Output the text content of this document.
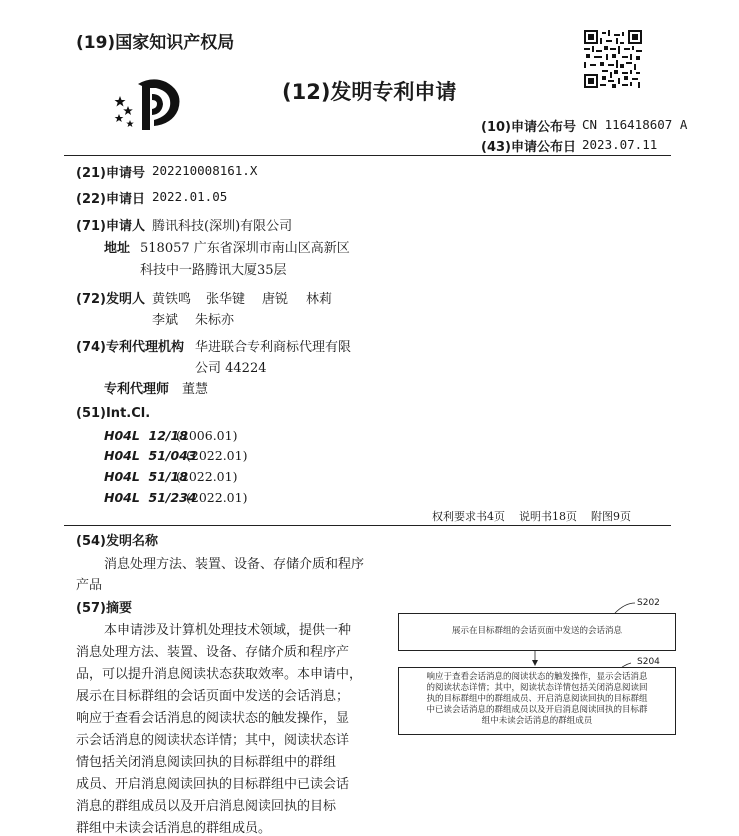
(19)国家知识产权局
(12)发明专利申请
(10)申请公布号 CN 116418607 A
(43)申请公布日 2023.07.11
(21)申请号 202210008161.X
(22)申请日 2022.01.05
(71)申请人 腾讯科技(深圳)有限公司
地址 518057 广东省深圳市南山区高新区
科技中一路腾讯大厦35层
(72)发明人 黄铁鸣 张华键 唐锐 林莉
李斌 朱标亦
(74)专利代理机构 华进联合专利商标代理有限
公司 44224
专利代理师 董慧
(51)Int.Cl.
H04L  12/18
(2006.01)
H04L  51/043
(2022.01)
H04L  51/18
(2022.01)
H04L  51/234
(2022.01)
权利要求书4页    说明书18页    附图9页
(54)发明名称
消息处理方法、装置、设备、存储介质和程序
产品
(57)摘要
本申请涉及计算机处理技术领域，提供一种
消息处理方法、装置、设备、存储介质和程序产
品，可以提升消息阅读状态获取效率。本申请中，
展示在目标群组的会话页面中发送的会话消息；
响应于查看会话消息的阅读状态的触发操作，显
示会话消息的阅读状态详情；其中，阅读状态详
情包括关闭消息阅读回执的目标群组中的群组
成员、开启消息阅读回执的目标群组中已读会话
消息的群组成员以及开启消息阅读回执的目标
群组中未读会话消息的群组成员。
S202
展示在目标群组的会话页面中发送的会话消息
S204
响应于查看会话消息的阅读状态的触发操作，显示会话消息
的阅读状态详情；其中，阅读状态详情包括关闭消息阅读回
执的目标群组中的群组成员、开启消息阅读回执的目标群组
中已读会话消息的群组成员以及开启消息阅读回执的目标群
组中未读会话消息的群组成员
